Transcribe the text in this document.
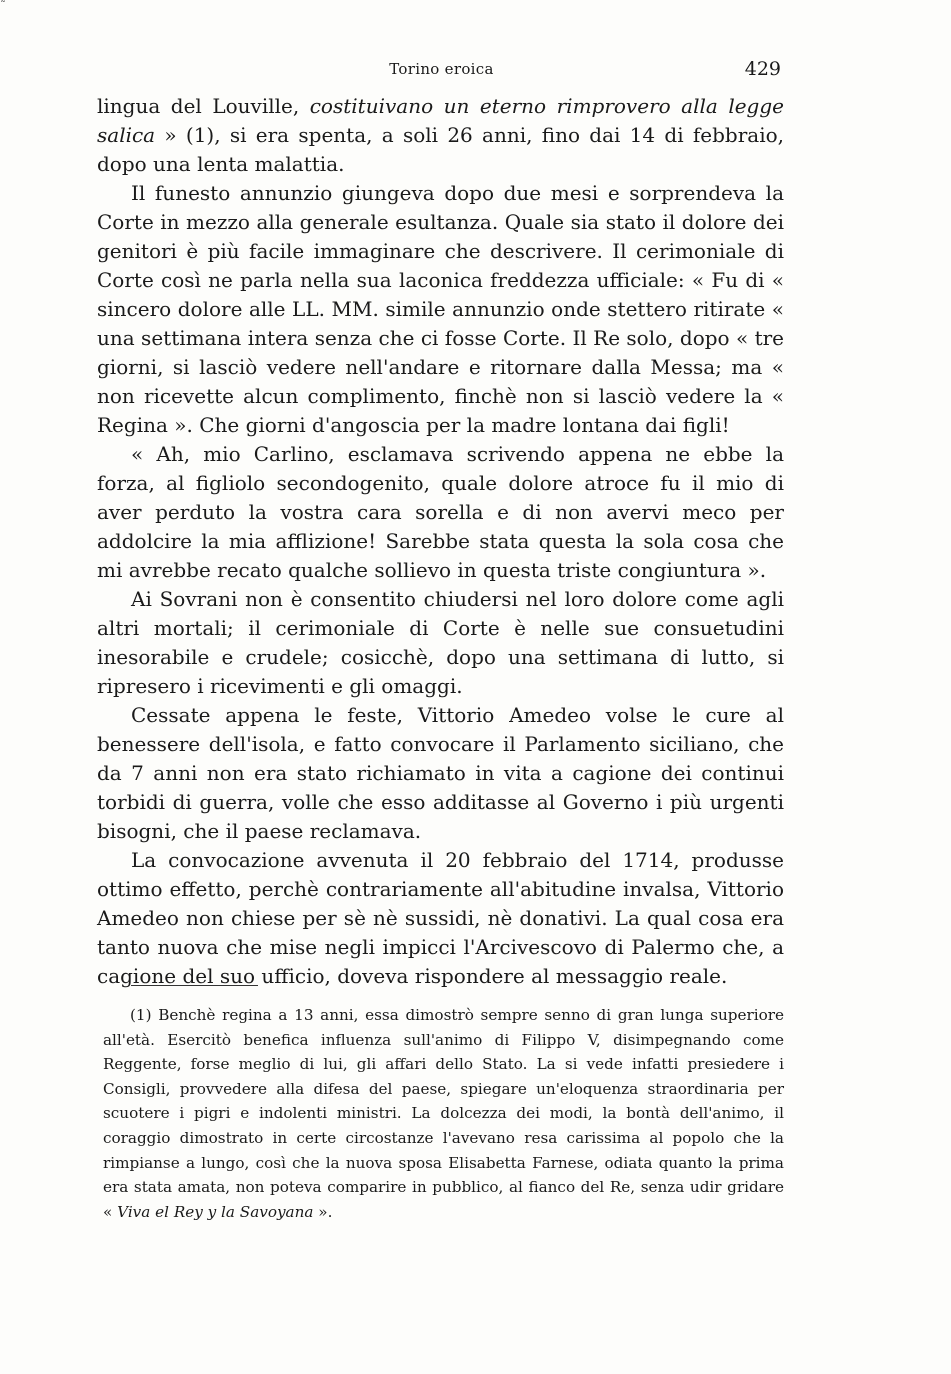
˜
Torino eroica	429

lingua del Louville, costituivano un eterno rimprovero alla legge salica » (1), si era spenta, a soli 26 anni, fino dai 14 di febbraio, dopo una lenta malattia.

Il funesto annunzio giungeva dopo due mesi e sorprendeva la Corte in mezzo alla generale esultanza. Quale sia stato il dolore dei genitori è più facile immaginare che descrivere. Il cerimoniale di Corte così ne parla nella sua laconica freddezza ufficiale: « Fu di « sincero dolore alle LL. MM. simile annunzio onde stettero ritirate « una settimana intera senza che ci fosse Corte. Il Re solo, dopo « tre giorni, si lasciò vedere nell'andare e ritornare dalla Messa; ma « non ricevette alcun complimento, finchè non si lasciò vedere la « Regina ». Che giorni d'angoscia per la madre lontana dai figli!

« Ah, mio Carlino, esclamava scrivendo appena ne ebbe la forza, al figliolo secondogenito, quale dolore atroce fu il mio di aver perduto la vostra cara sorella e di non avervi meco per addolcire la mia afflizione! Sarebbe stata questa la sola cosa che mi avrebbe recato qualche sollievo in questa triste congiuntura ».

Ai Sovrani non è consentito chiudersi nel loro dolore come agli altri mortali; il cerimoniale di Corte è nelle sue consuetudini inesorabile e crudele; cosicchè, dopo una settimana di lutto, si ripresero i ricevimenti e gli omaggi.

Cessate appena le feste, Vittorio Amedeo volse le cure al benessere dell'isola, e fatto convocare il Parlamento siciliano, che da 7 anni non era stato richiamato in vita a cagione dei continui torbidi di guerra, volle che esso additasse al Governo i più urgenti bisogni, che il paese reclamava.

La convocazione avvenuta il 20 febbraio del 1714, produsse ottimo effetto, perchè contrariamente all'abitudine invalsa, Vittorio Amedeo non chiese per sè nè sussidi, nè donativi. La qual cosa era tanto nuova che mise negli impicci l'Arcivescovo di Palermo che, a cagione del suo ufficio, doveva rispondere al messaggio reale.

(1) Benchè regina a 13 anni, essa dimostrò sempre senno di gran lunga superiore all'età. Esercitò benefica influenza sull'animo di Filippo V, disimpegnando come Reggente, forse meglio di lui, gli affari dello Stato. La si vede infatti presiedere i Consigli, provvedere alla difesa del paese, spiegare un'eloquenza straordinaria per scuotere i pigri e indolenti ministri. La dolcezza dei modi, la bontà dell'animo, il coraggio dimostrato in certe circostanze l'avevano resa carissima al popolo che la rimpianse a lungo, così che la nuova sposa Elisabetta Farnese, odiata quanto la prima era stata amata, non poteva comparire in pubblico, al fianco del Re, senza udir gridare « Viva el Rey y la Savoyana ».
